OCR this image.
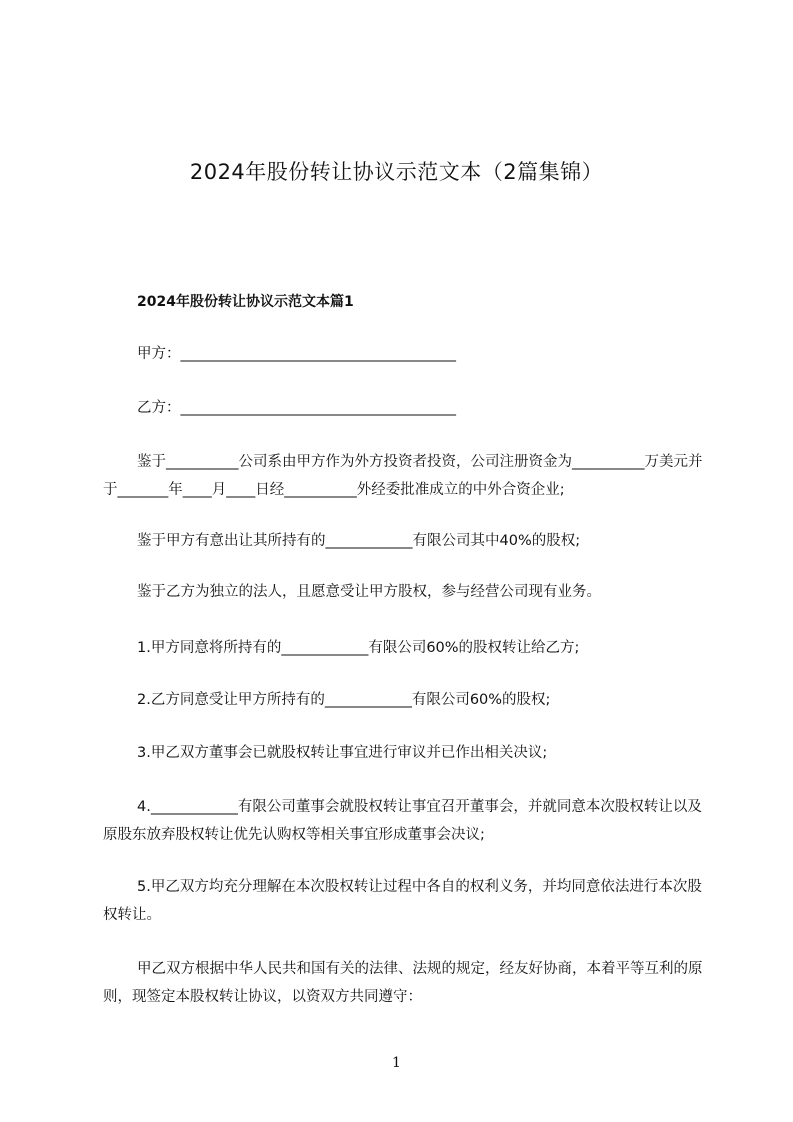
2024年股份转让协议示范文本（2篇集锦）
2024年股份转让协议示范文本篇1

甲方：______________________________________

乙方：______________________________________

鉴于__________公司系由甲方作为外方投资者投资，公司注册资金为__________万美元并于_______年____月____日经__________外经委批准成立的中外合资企业;

鉴于甲方有意出让其所持有的____________有限公司其中40%的股权;

鉴于乙方为独立的法人，且愿意受让甲方股权，参与经营公司现有业务。

1.甲方同意将所持有的____________有限公司60%的股权转让给乙方;

2.乙方同意受让甲方所持有的____________有限公司60%的股权;

3.甲乙双方董事会已就股权转让事宜进行审议并已作出相关决议;

4.____________有限公司董事会就股权转让事宜召开董事会，并就同意本次股权转让以及原股东放弃股权转让优先认购权等相关事宜形成董事会决议;

5.甲乙双方均充分理解在本次股权转让过程中各自的权利义务，并均同意依法进行本次股权转让。

甲乙双方根据中华人民共和国有关的法律、法规的规定，经友好协商，本着平等互利的原则，现签定本股权转让协议，以资双方共同遵守：

1
